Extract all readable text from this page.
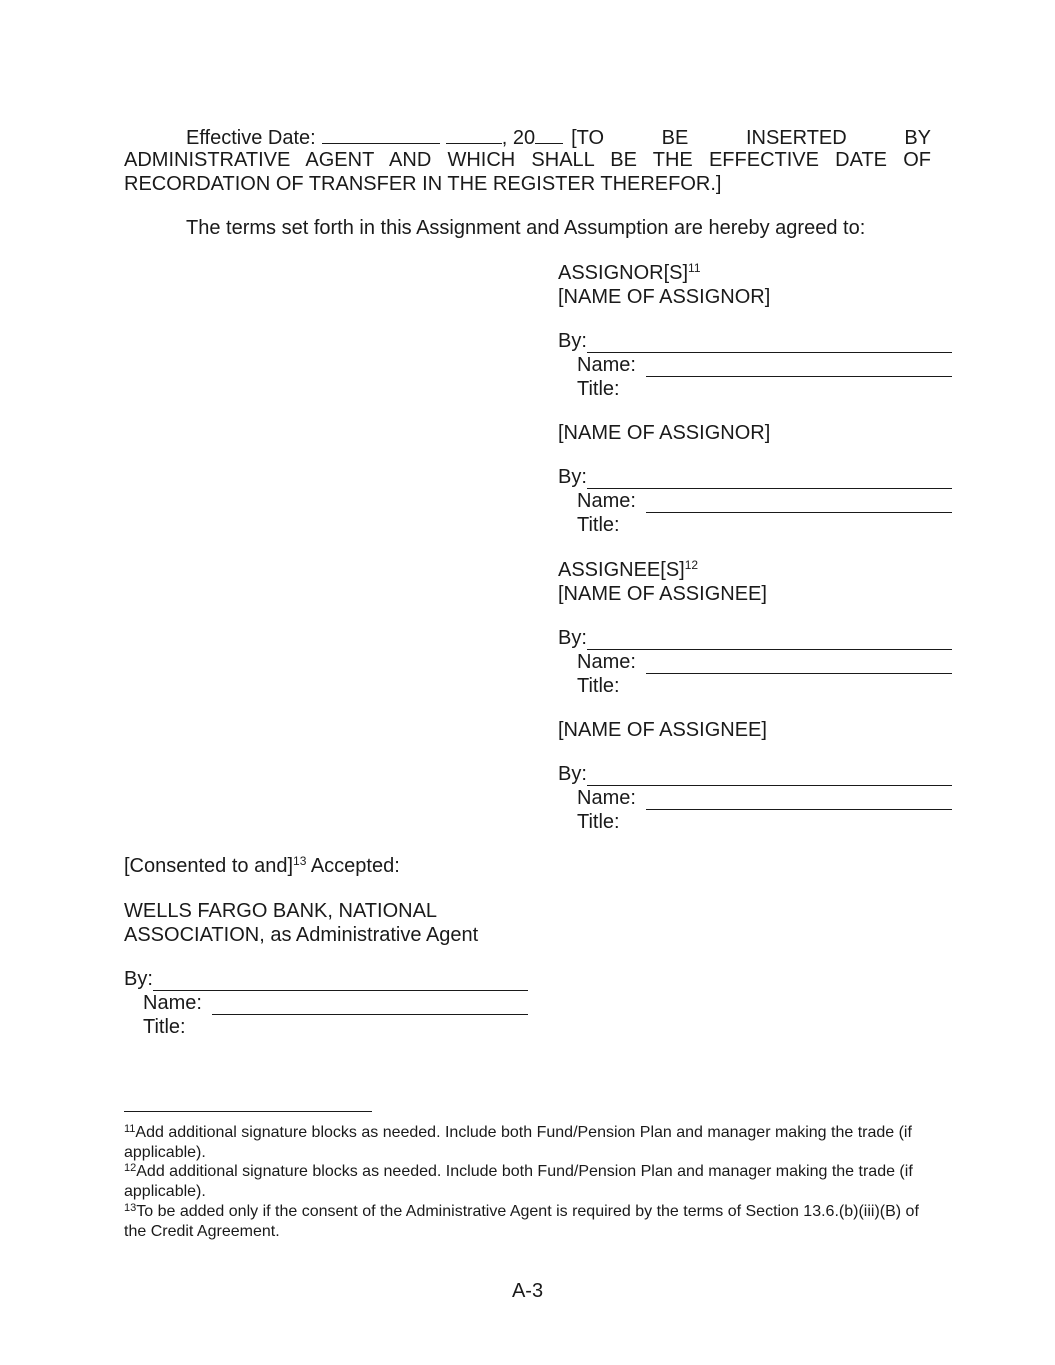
Effective Date:	, 20 [TO	BE	INSERTED	BY
ADMINISTRATIVE AGENT AND WHICH SHALL BE THE EFFECTIVE DATE OF
RECORDATION OF TRANSFER IN THE REGISTER THEREFOR.]
The terms set forth in this Assignment and Assumption are hereby agreed to:
$ASSIGNOR[S]^{11}$
[NAME OF ASSIGNOR]
By:
Name:
Title:
[NAME OF ASSIGNOR]
By:
Name:
Title:
$ASSIGNEE[S]^{12}$
[NAME OF ASSIGNEE]
By:
Name:
Title:
[NAME OF ASSIGNEE]
By:
Name:
Title:
[Consented to and]$^{13}$ Accepted:
WELLS FARGO BANK, NATIONAL
ASSOCIATION, as Administrative Agent
By:
Name:
Title:
$^{11}$Add additional signature blocks as needed. Include both Fund/Pension Plan and manager making the trade (if
applicable).
$^{12}$Add additional signature blocks as needed. Include both Fund/Pension Plan and manager making the trade (if
applicable).
$^{13}$To be added only if the consent of the Administrative Agent is required by the terms of Section 13.6.(b)(iii)(B) of
the Credit Agreement.
A-3
